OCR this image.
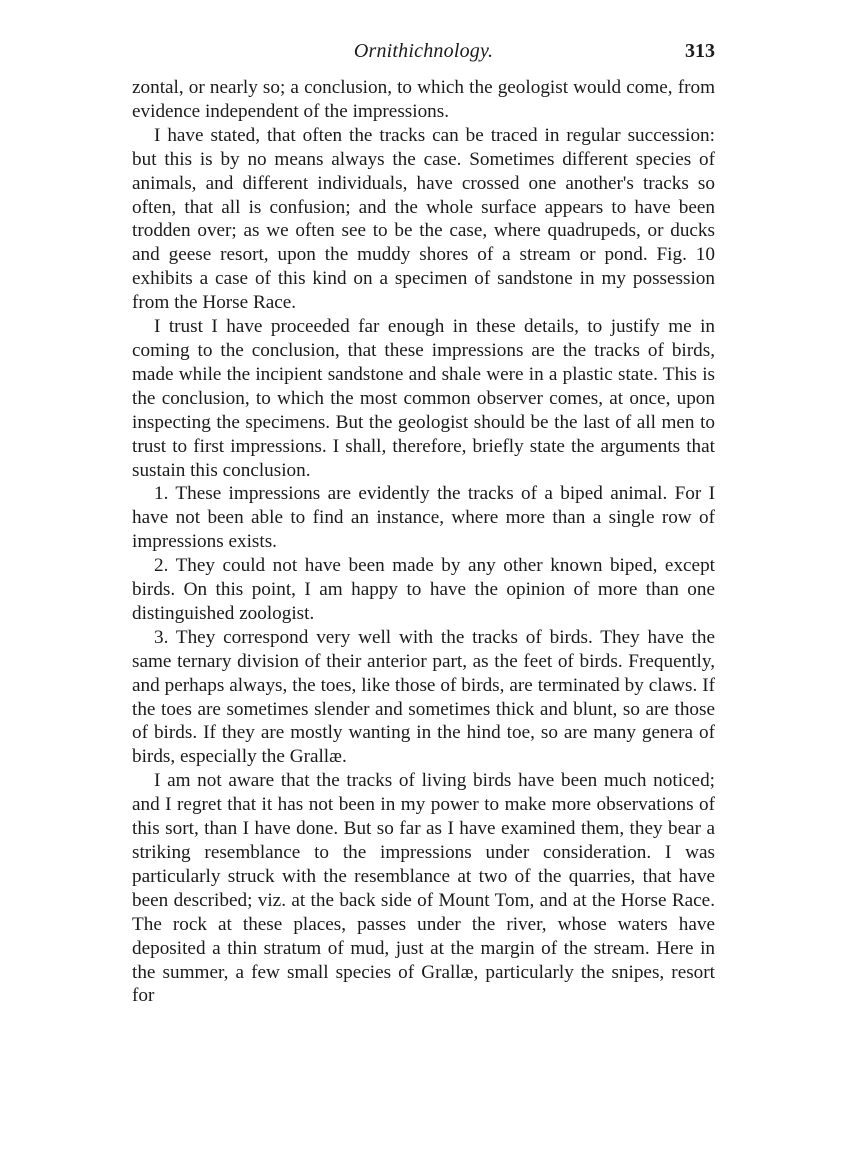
Ornithichnology.	313

zontal, or nearly so; a conclusion, to which the geologist would come, from evidence independent of the impressions.

I have stated, that often the tracks can be traced in regular succession: but this is by no means always the case. Sometimes different species of animals, and different individuals, have crossed one another's tracks so often, that all is confusion; and the whole surface appears to have been trodden over; as we often see to be the case, where quadrupeds, or ducks and geese resort, upon the muddy shores of a stream or pond. Fig. 10 exhibits a case of this kind on a specimen of sandstone in my possession from the Horse Race.

I trust I have proceeded far enough in these details, to justify me in coming to the conclusion, that these impressions are the tracks of birds, made while the incipient sandstone and shale were in a plastic state. This is the conclusion, to which the most common observer comes, at once, upon inspecting the specimens. But the geologist should be the last of all men to trust to first impressions. I shall, therefore, briefly state the arguments that sustain this conclusion.

1. These impressions are evidently the tracks of a biped animal. For I have not been able to find an instance, where more than a single row of impressions exists.

2. They could not have been made by any other known biped, except birds. On this point, I am happy to have the opinion of more than one distinguished zoologist.

3. They correspond very well with the tracks of birds. They have the same ternary division of their anterior part, as the feet of birds. Frequently, and perhaps always, the toes, like those of birds, are terminated by claws. If the toes are sometimes slender and sometimes thick and blunt, so are those of birds. If they are mostly wanting in the hind toe, so are many genera of birds, especially the Grallæ.

I am not aware that the tracks of living birds have been much noticed; and I regret that it has not been in my power to make more observations of this sort, than I have done. But so far as I have examined them, they bear a striking resemblance to the impressions under consideration. I was particularly struck with the resemblance at two of the quarries, that have been described; viz. at the back side of Mount Tom, and at the Horse Race. The rock at these places, passes under the river, whose waters have deposited a thin stratum of mud, just at the margin of the stream. Here in the summer, a few small species of Grallæ, particularly the snipes, resort for
